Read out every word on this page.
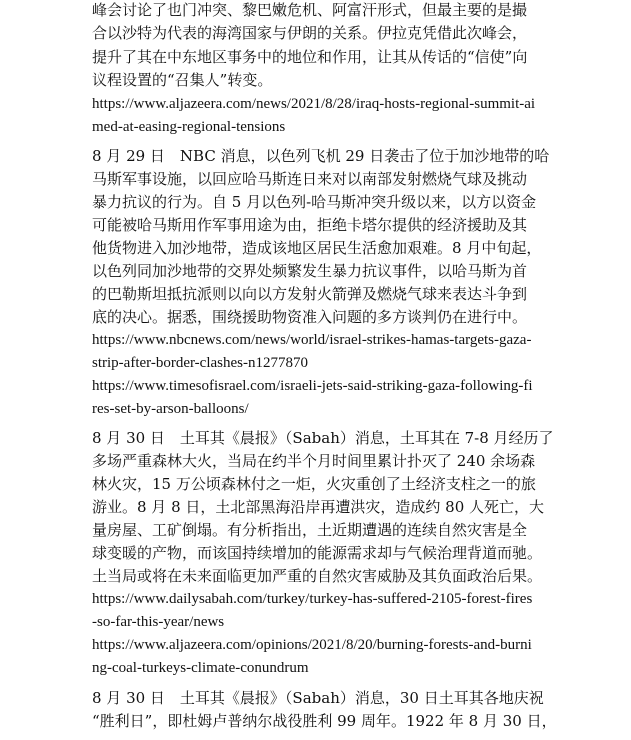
峰会讨论了也门冲突、黎巴嫩危机、阿富汗形式，但最主要的是撮
合以沙特为代表的海湾国家与伊朗的关系。伊拉克凭借此次峰会，
提升了其在中东地区事务中的地位和作用，让其从传话的“信使”向
议程设置的“召集人”转变。
https://www.aljazeera.com/news/2021/8/28/iraq-hosts-regional-summit-ai
med-at-easing-regional-tensions
8 月 29 日　NBC 消息，以色列飞机 29 日袭击了位于加沙地带的哈
马斯军事设施，以回应哈马斯连日来对以南部发射燃烧气球及挑动
暴力抗议的行为。自 5 月以色列-哈马斯冲突升级以来，以方以资金
可能被哈马斯用作军事用途为由，拒绝卡塔尔提供的经济援助及其
他货物进入加沙地带，造成该地区居民生活愈加艰难。8 月中旬起，
以色列同加沙地带的交界处频繁发生暴力抗议事件，以哈马斯为首
的巴勒斯坦抵抗派则以向以方发射火箭弹及燃烧气球来表达斗争到
底的决心。据悉，围绕援助物资准入问题的多方谈判仍在进行中。
https://www.nbcnews.com/news/world/israel-strikes-hamas-targets-gaza-
strip-after-border-clashes-n1277870
https://www.timesofisrael.com/israeli-jets-said-striking-gaza-following-fi
res-set-by-arson-balloons/
8 月 30 日　土耳其《晨报》（Sabah）消息，土耳其在 7-8 月经历了
多场严重森林大火，当局在约半个月时间里累计扑灭了 240 余场森
林火灾，15 万公顷森林付之一炬，火灾重创了土经济支柱之一的旅
游业。8 月 8 日，土北部黑海沿岸再遭洪灾，造成约 80 人死亡，大
量房屋、工矿倒塌。有分析指出，土近期遭遇的连续自然灾害是全
球变暖的产物，而该国持续增加的能源需求却与气候治理背道而驰。
土当局或将在未来面临更加严重的自然灾害威胁及其负面政治后果。
https://www.dailysabah.com/turkey/turkey-has-suffered-2105-forest-fires
-so-far-this-year/news
https://www.aljazeera.com/opinions/2021/8/20/burning-forests-and-burni
ng-coal-turkeys-climate-conundrum
8 月 30 日　土耳其《晨报》（Sabah）消息，30 日土耳其各地庆祝
“胜利日”，即杜姆卢普纳尔战役胜利 99 周年。1922 年 8 月 30 日，
